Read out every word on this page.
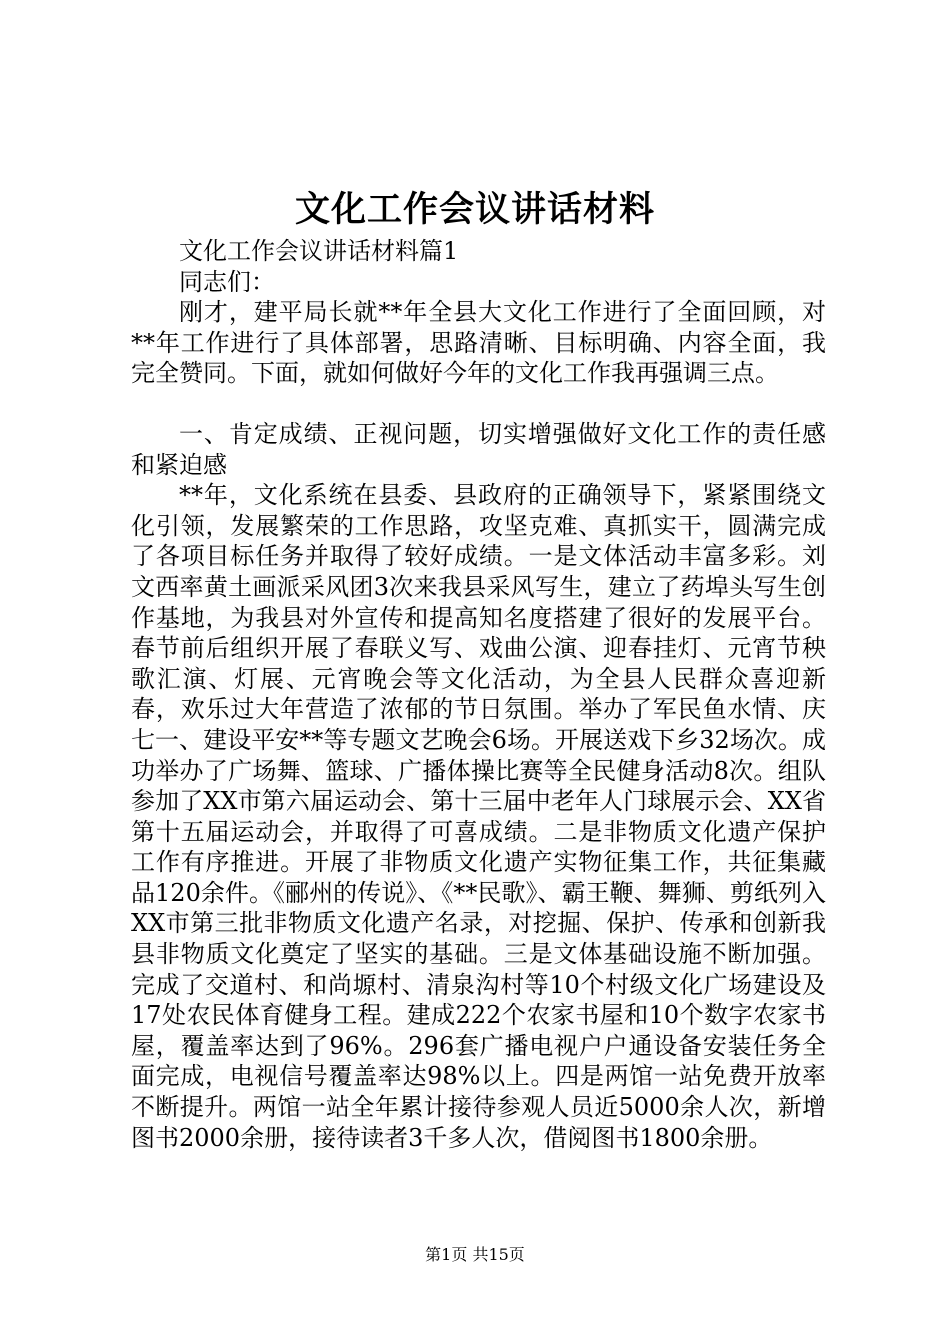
文化工作会议讲话材料

文化工作会议讲话材料篇1

同志们：

刚才，建平局长就**年全县大文化工作进行了全面回顾，对**年工作进行了具体部署，思路清晰、目标明确、内容全面，我完全赞同。下面，就如何做好今年的文化工作我再强调三点。

一、肯定成绩、正视问题，切实增强做好文化工作的责任感和紧迫感

**年，文化系统在县委、县政府的正确领导下，紧紧围绕文化引领，发展繁荣的工作思路，攻坚克难、真抓实干，圆满完成了各项目标任务并取得了较好成绩。一是文体活动丰富多彩。刘文西率黄土画派采风团3次来我县采风写生，建立了药埠头写生创作基地，为我县对外宣传和提高知名度搭建了很好的发展平台。春节前后组织开展了春联义写、戏曲公演、迎春挂灯、元宵节秧歌汇演、灯展、元宵晚会等文化活动，为全县人民群众喜迎新春，欢乐过大年营造了浓郁的节日氛围。举办了军民鱼水情、庆七一、建设平安**等专题文艺晚会6场。开展送戏下乡32场次。成功举办了广场舞、篮球、广播体操比赛等全民健身活动8次。组队参加了XX市第六届运动会、第十三届中老年人门球展示会、XX省第十五届运动会，并取得了可喜成绩。二是非物质文化遗产保护工作有序推进。开展了非物质文化遗产实物征集工作，共征集藏品120余件。《郦州的传说》、《**民歌》、霸王鞭、舞狮、剪纸列入XX市第三批非物质文化遗产名录，对挖掘、保护、传承和创新我县非物质文化奠定了坚实的基础。三是文体基础设施不断加强。完成了交道村、和尚塬村、清泉沟村等10个村级文化广场建设及17处农民体育健身工程。建成222个农家书屋和10个数字农家书屋，覆盖率达到了96%。296套广播电视户户通设备安装任务全面完成，电视信号覆盖率达98%以上。四是两馆一站免费开放率不断提升。两馆一站全年累计接待参观人员近5000余人次，新增图书2000余册，接待读者3千多人次，借阅图书1800余册。

第1页 共15页
